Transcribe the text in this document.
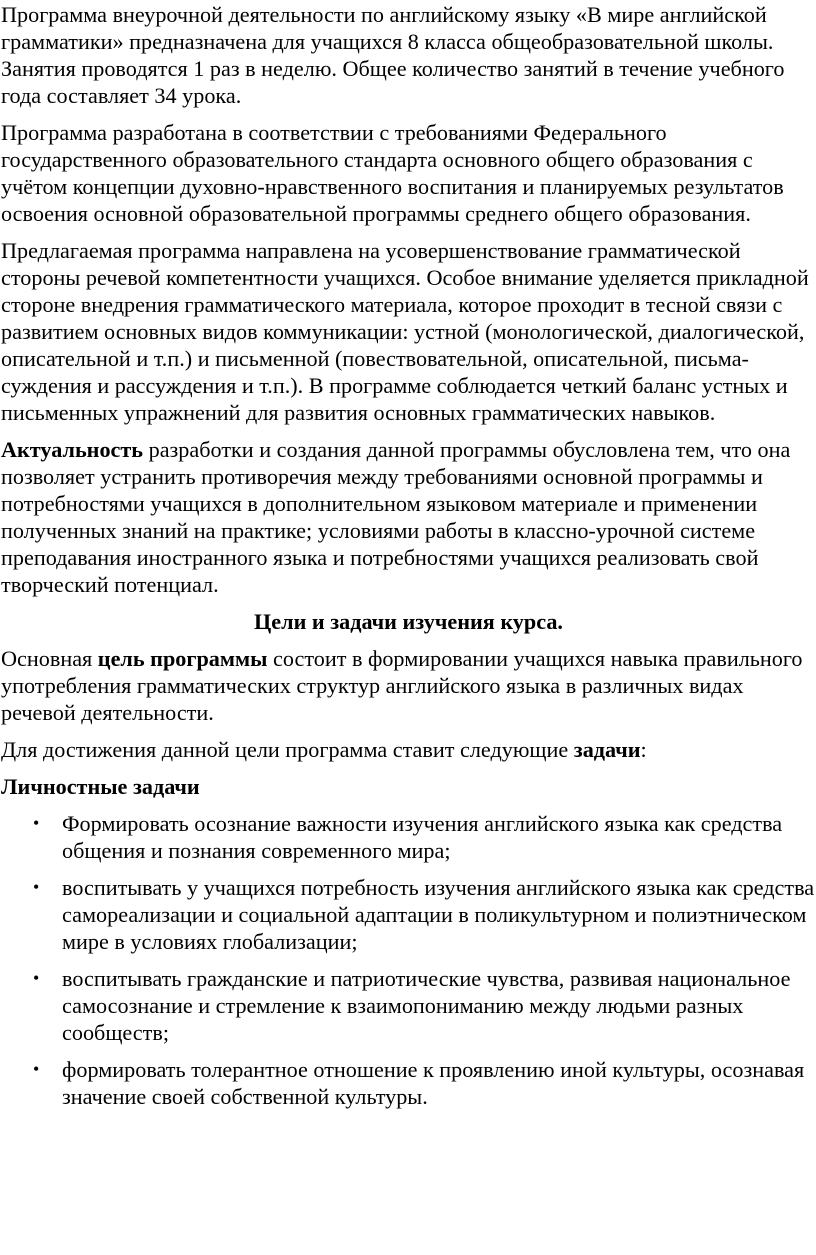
Программа внеурочной деятельности по английскому языку «В мире английской грамматики» предназначена для учащихся 8 класса общеобразовательной школы. Занятия проводятся 1 раз в неделю. Общее количество занятий в течение учебного года составляет 34 урока.

Программа разработана в соответствии с требованиями Федерального государственного образовательного стандарта основного общего образования с учётом концепции духовно-нравственного воспитания и планируемых результатов освоения основной образовательной программы среднего общего образования.

Предлагаемая программа направлена на усовершенствование грамматической стороны речевой компетентности учащихся. Особое внимание уделяется прикладной стороне внедрения грамматического материала, которое проходит в тесной связи с развитием основных видов коммуникации: устной (монологической, диалогической, описательной и т.п.) и письменной (повествовательной, описательной, письма-суждения и рассуждения и т.п.). В программе соблюдается четкий баланс устных и письменных упражнений для развития основных грамматических навыков.

Актуальность разработки и создания данной программы обусловлена тем, что она позволяет устранить противоречия между требованиями основной программы и потребностями учащихся в дополнительном языковом материале и применении полученных знаний на практике; условиями работы в классно-урочной системе преподавания иностранного языка и потребностями учащихся реализовать свой творческий потенциал.

Цели и задачи изучения курса.

Основная цель программы состоит в формировании учащихся навыка правильного употребления грамматических структур английского языка в различных видах речевой деятельности.

Для достижения данной цели программа ставит следующие задачи:

Личностные задачи

• Формировать осознание важности изучения английского языка как средства общения и познания современного мира;
• воспитывать у учащихся потребность изучения английского языка как средства самореализации и социальной адаптации в поликультурном и полиэтническом мире в условиях глобализации;
• воспитывать гражданские и патриотические чувства, развивая национальное самосознание и стремление к взаимопониманию между людьми разных сообществ;
• формировать толерантное отношение к проявлению иной культуры, осознавая значение своей собственной культуры.
